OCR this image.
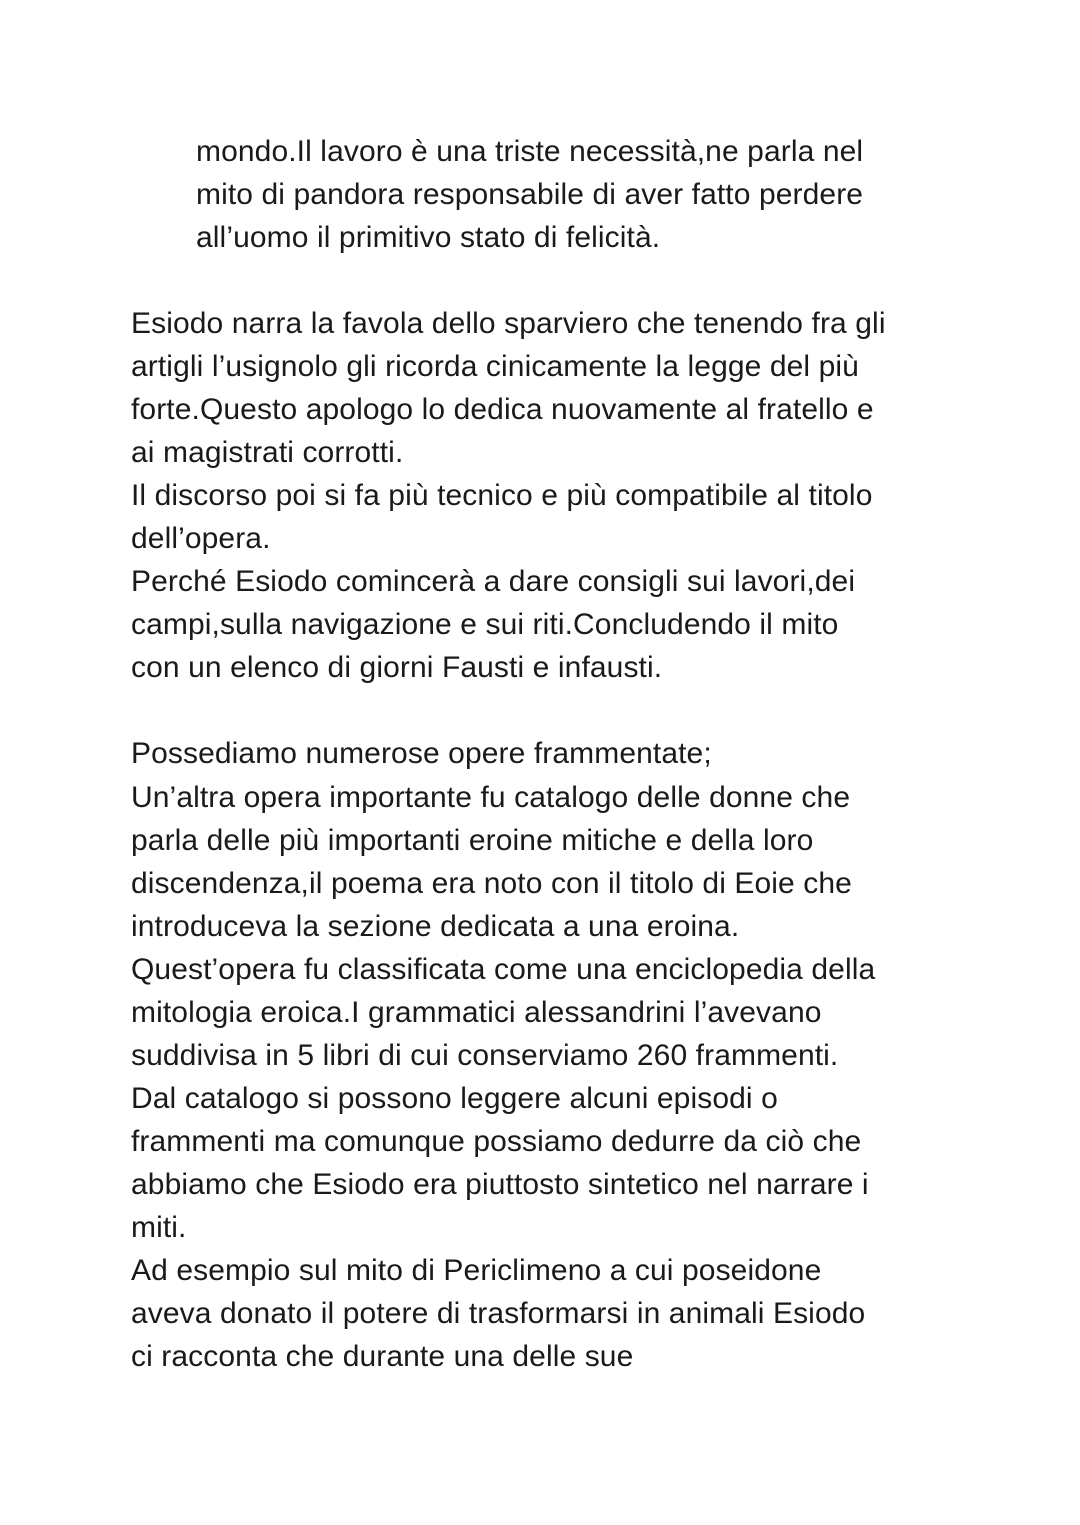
mondo.Il lavoro è una triste necessità,ne parla nel
mito di pandora responsabile di aver fatto perdere
all’uomo il primitivo stato di felicità.
Esiodo narra la favola dello sparviero che tenendo fra gli
artigli l’usignolo gli ricorda cinicamente la legge del più
forte.Questo apologo lo dedica nuovamente al fratello e
ai magistrati corrotti.
Il discorso poi si fa più tecnico e più compatibile al titolo
dell’opera.
Perché Esiodo comincerà a dare consigli sui lavori,dei
campi,sulla navigazione e sui riti.Concludendo il mito
con un elenco di giorni Fausti e infausti.
Possediamo numerose opere frammentate;
Un’altra opera importante fu catalogo delle donne che
parla delle più importanti eroine mitiche e della loro
discendenza,il poema era noto con il titolo di Eoie che
introduceva la sezione dedicata a una eroina.
Quest’opera fu classificata come una enciclopedia della
mitologia eroica.I grammatici alessandrini l’avevano
suddivisa in 5 libri di cui conserviamo 260 frammenti.
Dal catalogo si possono leggere alcuni episodi o
frammenti ma comunque possiamo dedurre da ciò che
abbiamo che Esiodo era piuttosto sintetico nel narrare i
miti.
Ad esempio sul mito di Periclimeno a cui poseidone
aveva donato il potere di trasformarsi in animali Esiodo
ci racconta che durante una delle sue
